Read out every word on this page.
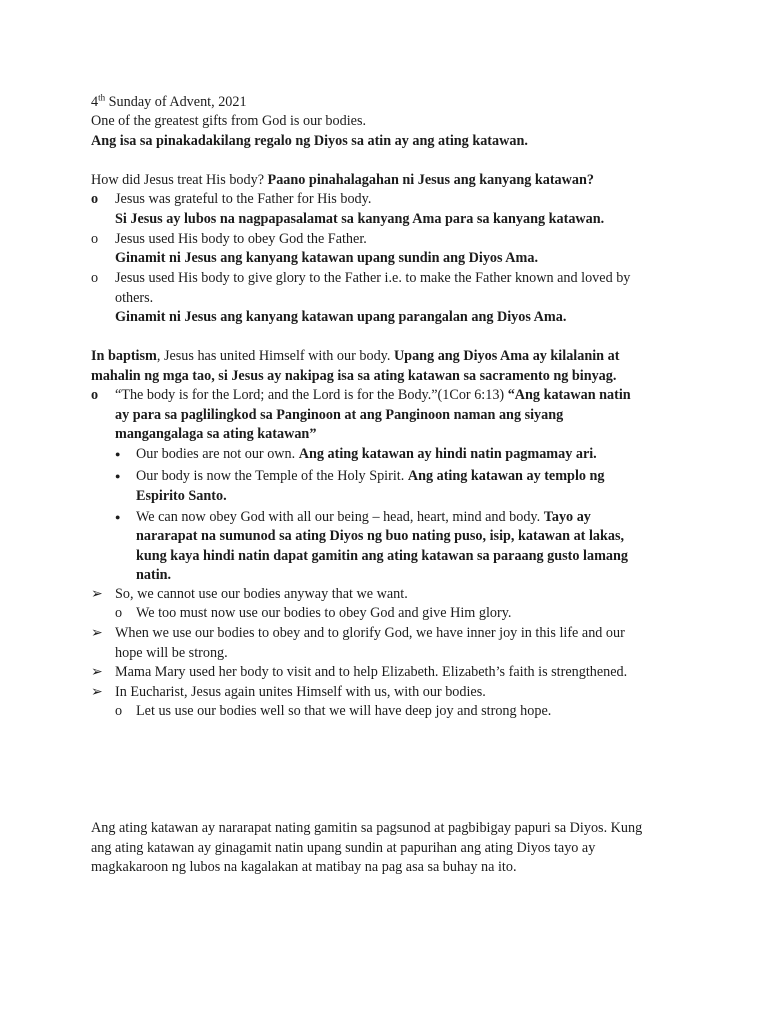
4th Sunday of Advent, 2021
One of the greatest gifts from God is our bodies.
Ang isa sa pinakadakilang regalo ng Diyos sa atin ay ang ating katawan.
How did Jesus treat His body? Paano pinahalagahan ni Jesus ang kanyang katawan?
o Jesus was grateful to the Father for His body.
Si Jesus ay lubos na nagpapasalamat sa kanyang Ama para sa kanyang katawan.
o Jesus used His body to obey God the Father.
Ginamit ni Jesus ang kanyang katawan upang sundin ang Diyos Ama.
o Jesus used His body to give glory to the Father i.e. to make the Father known and loved by
others.
Ginamit ni Jesus ang kanyang katawan upang parangalan ang Diyos Ama.
In baptism, Jesus has united Himself with our body. Upang ang Diyos Ama ay kilalanin at
mahalin ng mga tao, si Jesus ay nakipag isa sa ating katawan sa sacramento ng binyag.
o “The body is for the Lord; and the Lord is for the Body.”(1Cor 6:13) “Ang katawan natin
ay para sa paglilingkod sa Panginoon at ang Panginoon naman ang siyang
mangangalaga sa ating katawan”
● Our bodies are not our own. Ang ating katawan ay hindi natin pagmamay ari.
● Our body is now the Temple of the Holy Spirit. Ang ating katawan ay templo ng
Espirito Santo.
● We can now obey God with all our being – head, heart, mind and body. Tayo ay
nararapat na sumunod sa ating Diyos ng buo nating puso, isip, katawan at lakas,
kung kaya hindi natin dapat gamitin ang ating katawan sa paraang gusto lamang
natin.
➢ So, we cannot use our bodies anyway that we want.
o We too must now use our bodies to obey God and give Him glory.
➢ When we use our bodies to obey and to glorify God, we have inner joy in this life and our
hope will be strong.
➢ Mama Mary used her body to visit and to help Elizabeth. Elizabeth’s faith is strengthened.
➢ In Eucharist, Jesus again unites Himself with us, with our bodies.
o Let us use our bodies well so that we will have deep joy and strong hope.
Ang ating katawan ay nararapat nating gamitin sa pagsunod at pagbibigay papuri sa Diyos. Kung
ang ating katawan ay ginagamit natin upang sundin at papurihan ang ating Diyos tayo ay
magkakaroon ng lubos na kagalakan at matibay na pag asa sa buhay na ito.
